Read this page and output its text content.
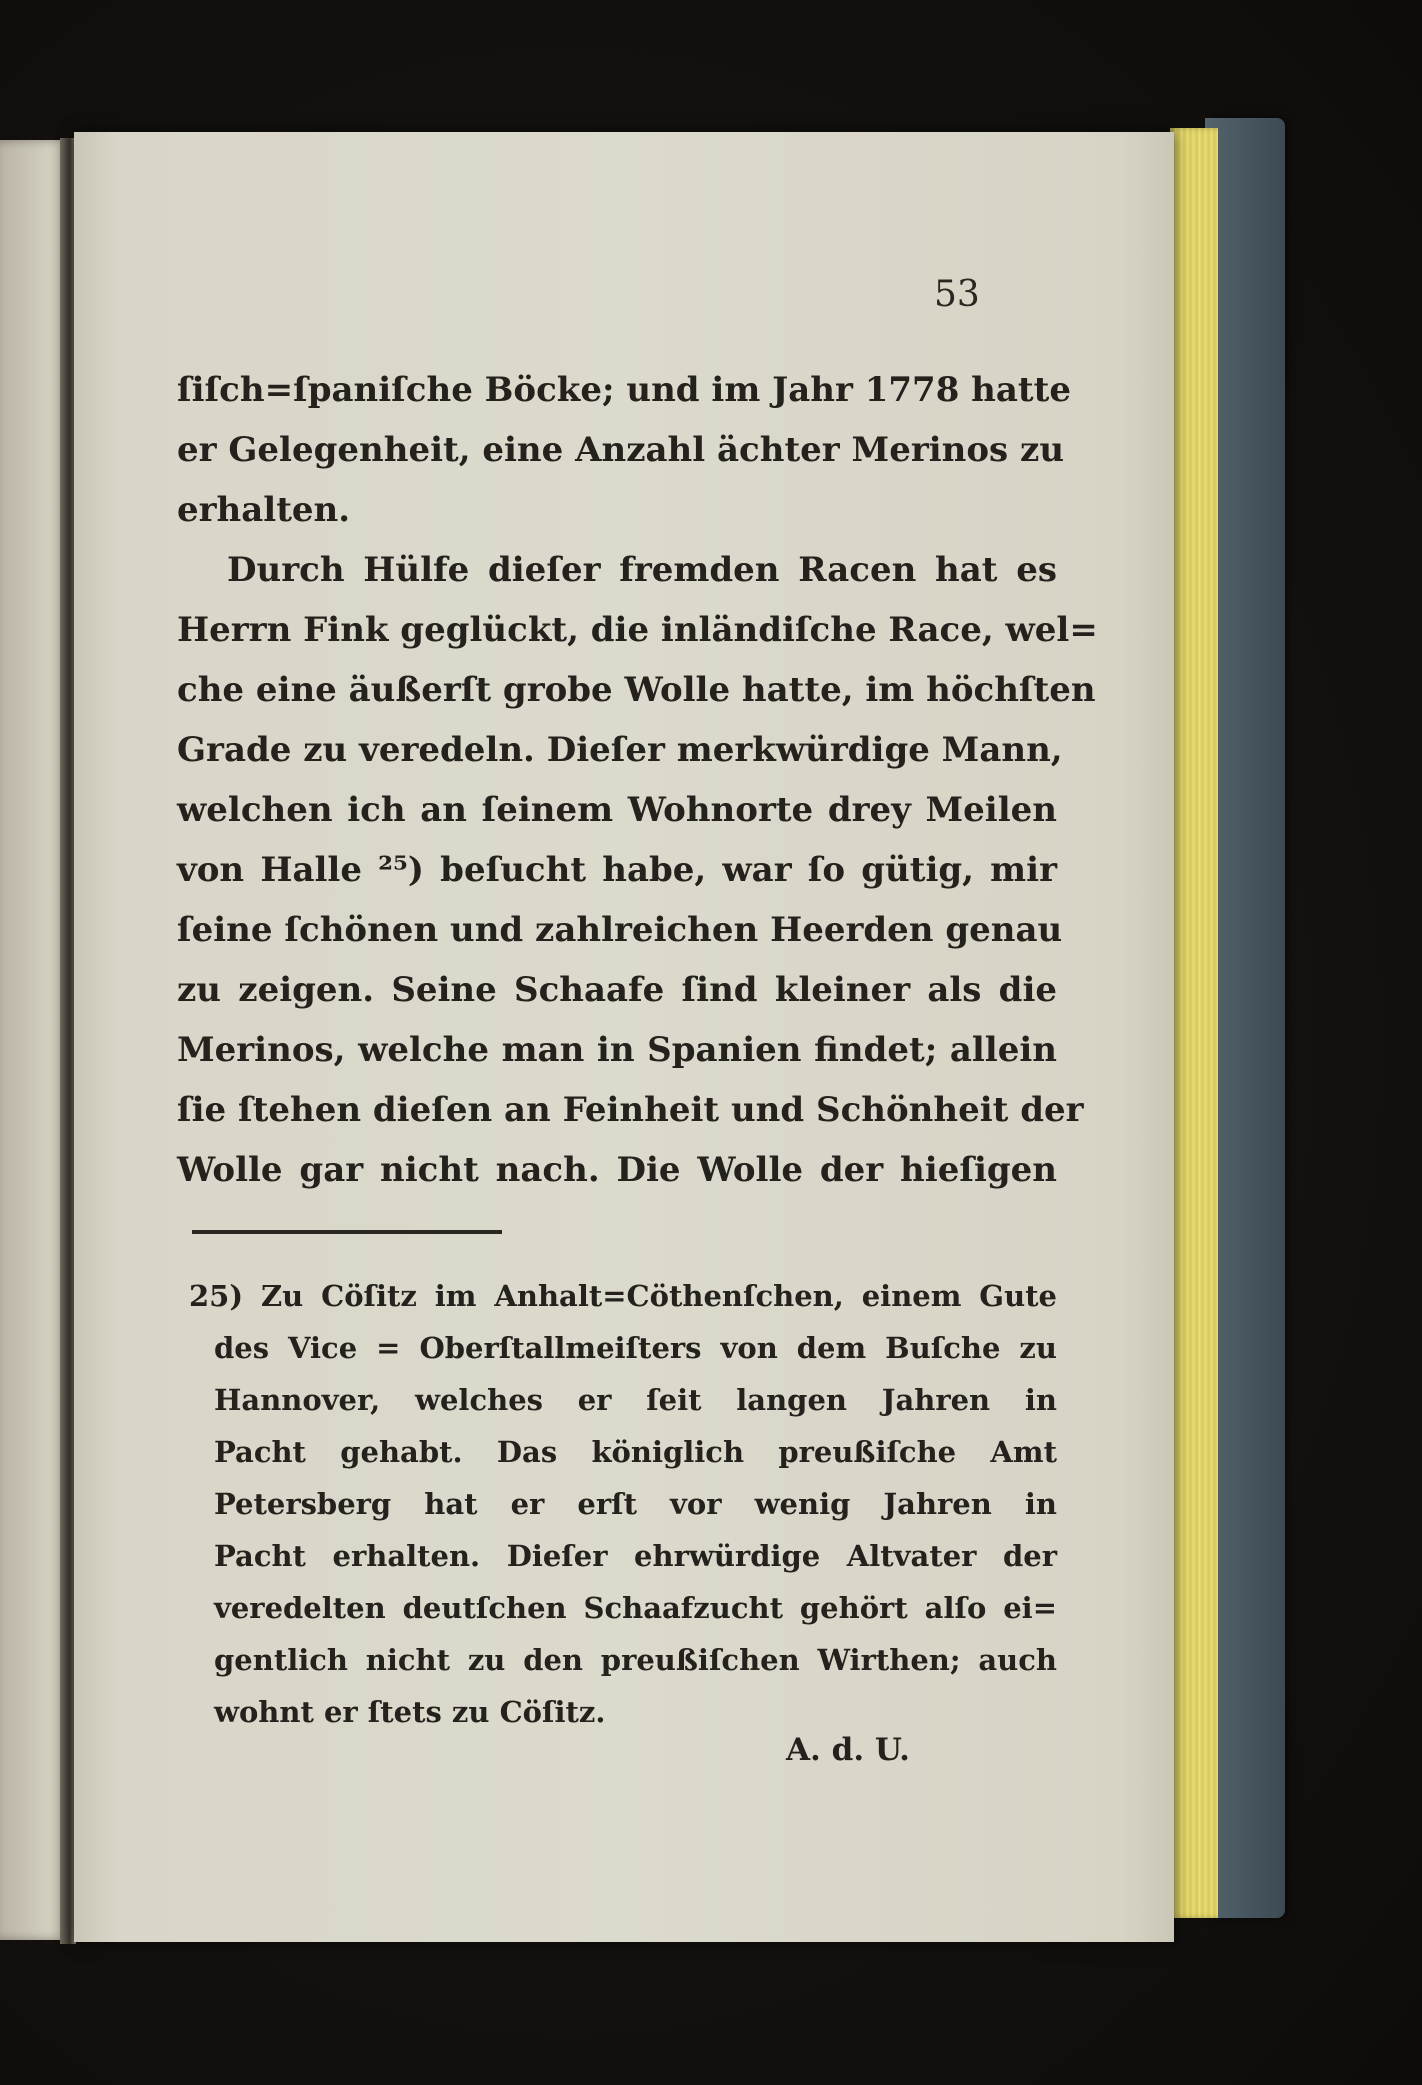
53

ſiſch=ſpaniſche Böcke; und im Jahr 1778 hatte
er Gelegenheit, eine Anzahl ächter Merinos zu
erhalten.
Durch Hülfe dieſer fremden Racen hat es
Herrn Fink geglückt, die inländiſche Race, wel=
che eine äußerſt grobe Wolle hatte, im höchſten
Grade zu veredeln. Dieſer merkwürdige Mann,
welchen ich an ſeinem Wohnorte drey Meilen
von Halle ²⁵) beſucht habe, war ſo gütig, mir
ſeine ſchönen und zahlreichen Heerden genau
zu zeigen. Seine Schaafe ſind kleiner als die
Merinos, welche man in Spanien findet; allein
ſie ſtehen dieſen an Feinheit und Schönheit der
Wolle gar nicht nach. Die Wolle der hieſigen
25) Zu Cöſitz im Anhalt=Cöthenſchen, einem Gute
des Vice = Oberſtallmeiſters von dem Buſche zu
Hannover, welches er ſeit langen Jahren in
Pacht gehabt. Das königlich preußiſche Amt
Petersberg hat er erſt vor wenig Jahren in
Pacht erhalten. Dieſer ehrwürdige Altvater der
veredelten deutſchen Schaafzucht gehört alſo ei=
gentlich nicht zu den preußiſchen Wirthen; auch
wohnt er ſtets zu Cöſitz.
A. d. U.
